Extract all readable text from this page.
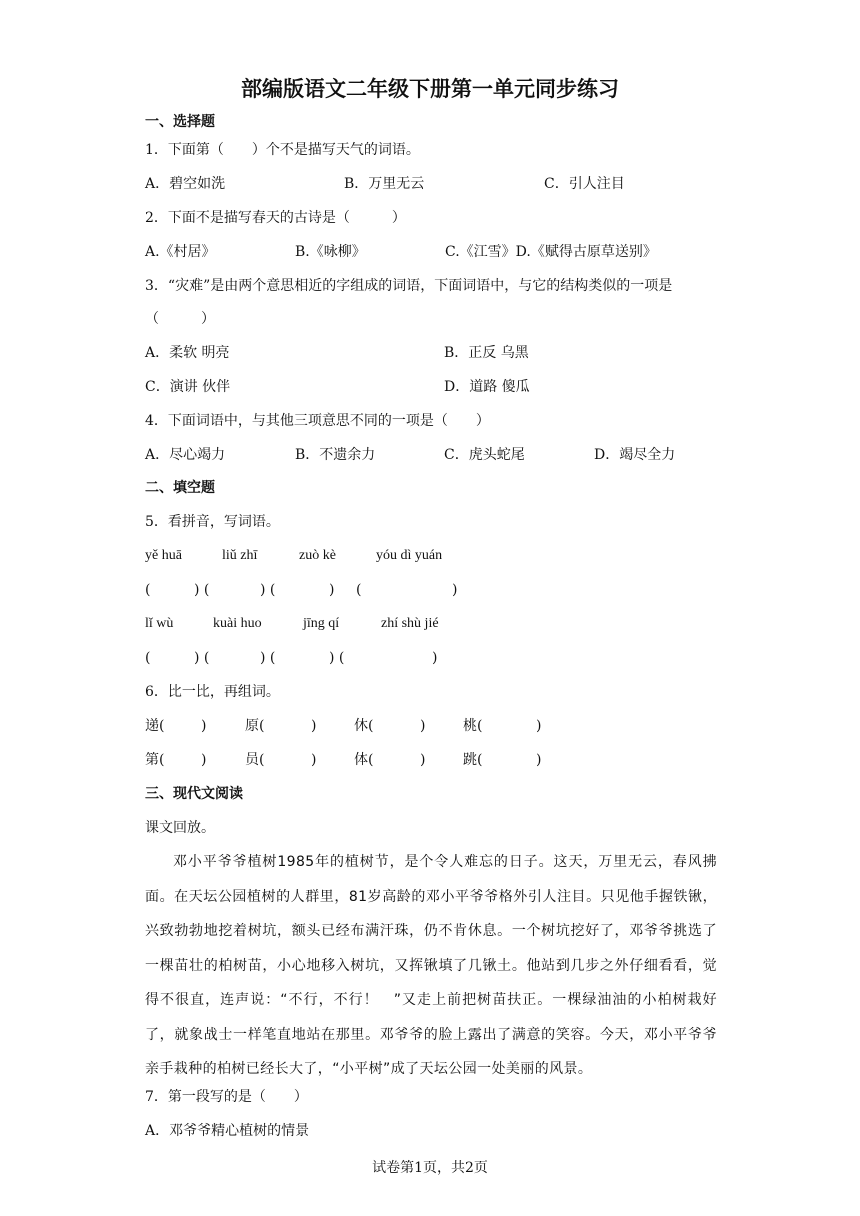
部编版语文二年级下册第一单元同步练习
一、选择题
1．下面第（　　）个不是描写天气的词语。
A．碧空如洗	B．万里无云	C．引人注目
2．下面不是描写春天的古诗是（　　　）
A.《村居》	B.《咏柳》	C.《江雪》D.《赋得古原草送别》
3．“灾难”是由两个意思相近的字组成的词语，下面词语中，与它的结构类似的一项是
（　　　）
A．柔软 明亮	B．正反 乌黑
C．演讲 伙伴	D．道路 傻瓜
4．下面词语中，与其他三项意思不同的一项是（　　）
A．尽心竭力	B．不遗余力	C．虎头蛇尾	D．竭尽全力
二、填空题
5．看拼音，写词语。
yě huā	liǔ zhī	zuò kè	yóu dì yuán
(	) (	) (	) (	)
lǐ wù	kuài huo	jīng qí	zhí shù jié
(	) (	) (	) (	)
6．比一比，再组词。
递(	)	原(	)	休(	)	桃(	)
第(	)	员(	)	体(	)	跳(	)
三、现代文阅读
课文回放。
邓小平爷爷植树1985年的植树节，是个令人难忘的日子。这天，万里无云，春风拂面。在天坛公园植树的人群里，81岁高龄的邓小平爷爷格外引人注目。只见他手握铁锹，兴致勃勃地挖着树坑，额头已经布满汗珠，仍不肯休息。一个树坑挖好了，邓爷爷挑选了一棵苗壮的柏树苗，小心地移入树坑，又挥锹填了几锹土。他站到几步之外仔细看看，觉得不很直，连声说：“不行，不行！　”又走上前把树苗扶正。一棵绿油油的小柏树栽好了，就象战士一样笔直地站在那里。邓爷爷的脸上露出了满意的笑容。今天，邓小平爷爷亲手栽种的柏树已经长大了，“小平树”成了天坛公园一处美丽的风景。
7．第一段写的是（　　）
A．邓爷爷精心植树的情景
试卷第1页，共2页
